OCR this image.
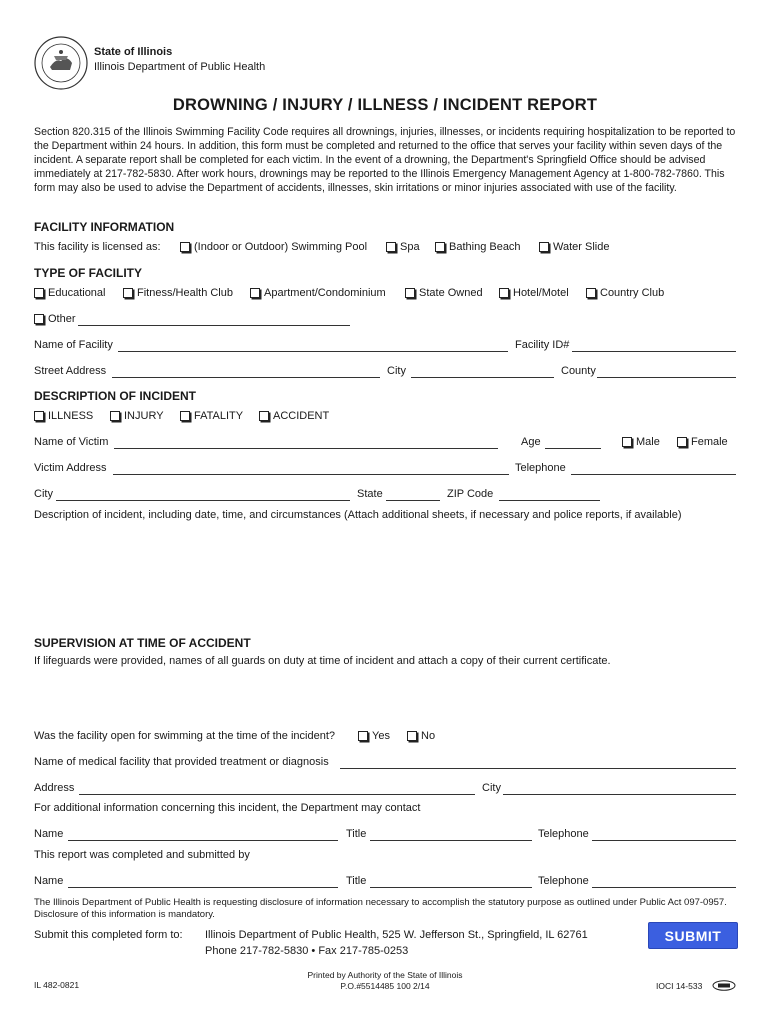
State of Illinois
Illinois Department of Public Health
DROWNING / INJURY / ILLNESS / INCIDENT REPORT
Section 820.315 of the Illinois Swimming Facility Code requires all drownings, injuries, illnesses, or incidents requiring hospitalization to be reported to the Department within 24 hours. In addition, this form must be completed and returned to the office that serves your facility within seven days of the incident. A separate report shall be completed for each victim. In the event of a drowning, the Department's Springfield Office should be advised immediately at 217-782-5830. After work hours, drownings may be reported to the Illinois Emergency Management Agency at 1-800-782-7860. This form may also be used to advise the Department of accidents, illnesses, skin irritations or minor injuries associated with use of the facility.
FACILITY INFORMATION
This facility is licensed as:	(Indoor or Outdoor) Swimming Pool	Spa	Bathing Beach	Water Slide
TYPE OF FACILITY
Educational	Fitness/Health Club	Apartment/Condominium	State Owned	Hotel/Motel	Country Club
Other
Name of Facility	Facility ID#
Street Address	City	County
DESCRIPTION OF INCIDENT
ILLNESS	INJURY	FATALITY	ACCIDENT
Name of Victim	Age	Male	Female
Victim Address	Telephone
City	State	ZIP Code
Description of incident, including date, time, and circumstances (Attach additional sheets, if necessary and police reports, if available)
SUPERVISION AT TIME OF ACCIDENT
If lifeguards were provided, names of all guards on duty at time of incident and attach a copy of their current certificate.
Was the facility open for swimming at the time of the incident?	Yes	No
Name of medical facility that provided treatment or diagnosis
Address	City
For additional information concerning this incident, the Department may contact
Name	Title	Telephone
This report was completed and submitted by
Name	Title	Telephone
The Illinois Department of Public Health is requesting disclosure of information necessary to accomplish the statutory purpose as outlined under Public Act 097-0957. Disclosure of this information is mandatory.
Submit this completed form to: Illinois Department of Public Health, 525 W. Jefferson St., Springfield, IL 62761
Phone 217-782-5830 • Fax 217-785-0253
SUBMIT
IL 482-0821
Printed by Authority of the State of Illinois
P.O.#5514485 100 2/14	IOCI 14-533
